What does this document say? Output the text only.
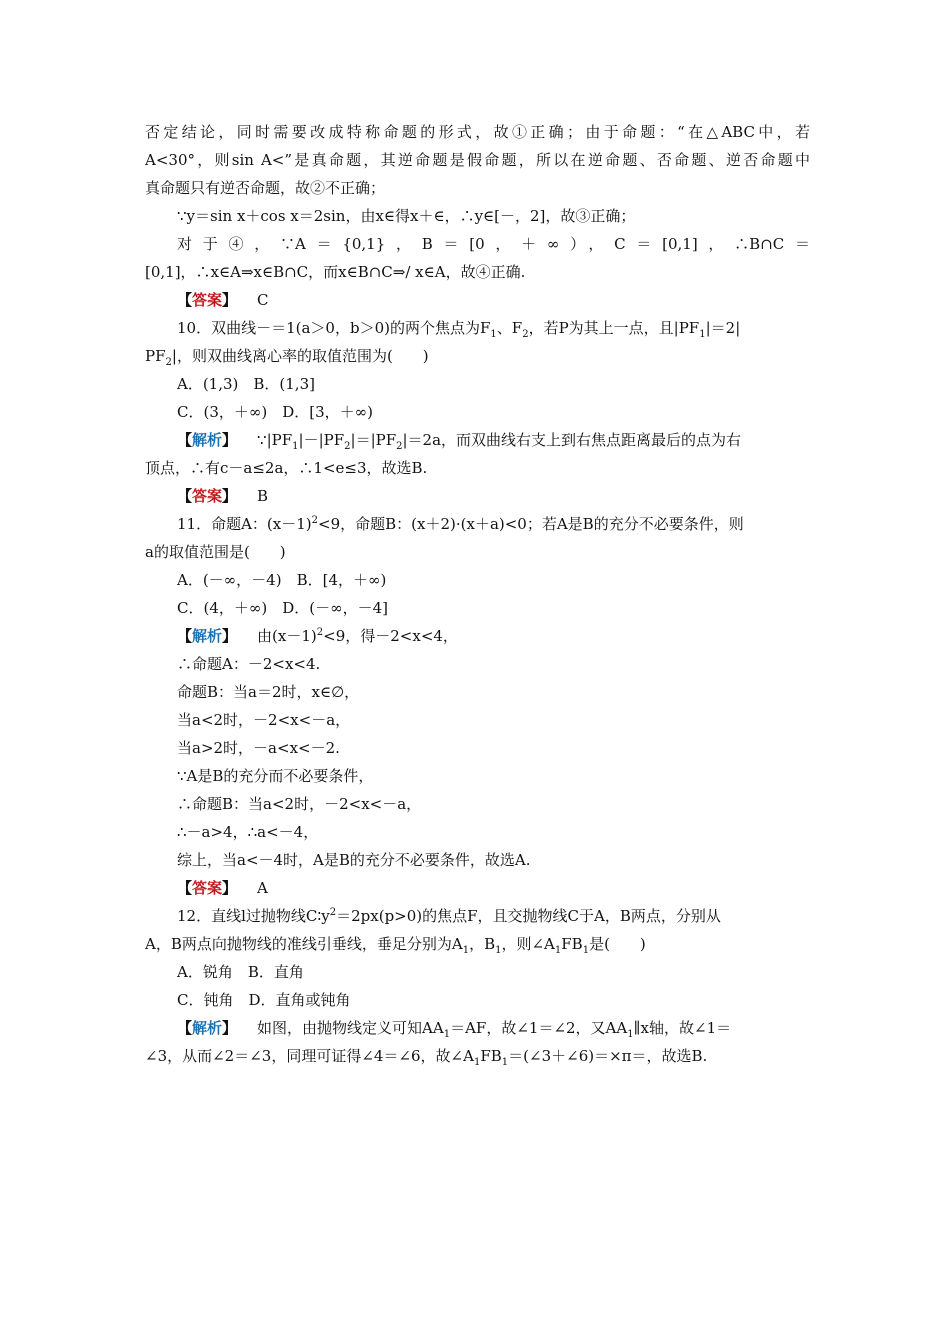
否定结论，同时需要改成特称命题的形式，故①正确；由于命题：“在△ABC中，若
A<30°，则sin A<”是真命题，其逆命题是假命题，所以在逆命题、否命题、逆否命题中
真命题只有逆否命题，故②不正确；
∵y＝sin x＋cos x＝2sin，由x∈得x＋∈，∴y∈[－，2]，故③正确；
对于④，∵A＝{0,1}，B＝[0，＋∞），C＝[0,1]，∴B∩C＝
[0,1]，∴x∈A⇒x∈B∩C，而x∈B∩C⇒/ x∈A，故④正确.
【答案】 C
10．双曲线－＝1(a＞0，b＞0)的两个焦点为$F_1$、$F_2$，若P为其上一点，且$|PF_1|=2|$
$PF_2|$，则双曲线离心率的取值范围为(　　)
A．(1,3)　B．(1,3]
C．(3，＋∞)　D．[3，＋∞)
【解析】 $\because|PF_1|-|PF_2|=|PF_2|=2a$，而双曲线右支上到右焦点距离最后的点为右
顶点，∴有c－a≤2a，∴1<e≤3，故选B.
【答案】 B
11．命题A：$(x-1)^2<9$，命题B：(x＋2)·(x＋a)<0；若A是B的充分不必要条件，则
a的取值范围是(　　)
A．(－∞，－4)　B．[4，＋∞)
C．(4，＋∞)　D．(－∞，－4]
【解析】 由$(x-1)^2<9$，得－2<x<4，
∴命题A：－2<x<4.
命题B：当a＝2时，x∈∅，
当a<2时，－2<x<－a，
当a>2时，－a<x<－2.
∵A是B的充分而不必要条件，
∴命题B：当a<2时，－2<x<－a，
∴－a>4，∴a<－4，
综上，当a<－4时，A是B的充分不必要条件，故选A.
【答案】 A
12．直线l过抛物线$C∶y^2=2px(p>0)$的焦点F，且交抛物线C于A，B两点，分别从
A，B两点向抛物线的准线引垂线，垂足分别为$A_1$，$B_1$，则$\angle A_1FB_1$是(　　)
A．锐角　B．直角
C．钝角　D．直角或钝角
【解析】 如图，由抛物线定义可知$AA_1=AF$，故∠1＝∠2，又$AA_1\parallel x$轴，故∠1＝
∠3，从而∠2＝∠3，同理可证得∠4＝∠6，故$\angle A_1FB_1=(\angle 3+\angle 6)=\times\pi=$，故选B.
